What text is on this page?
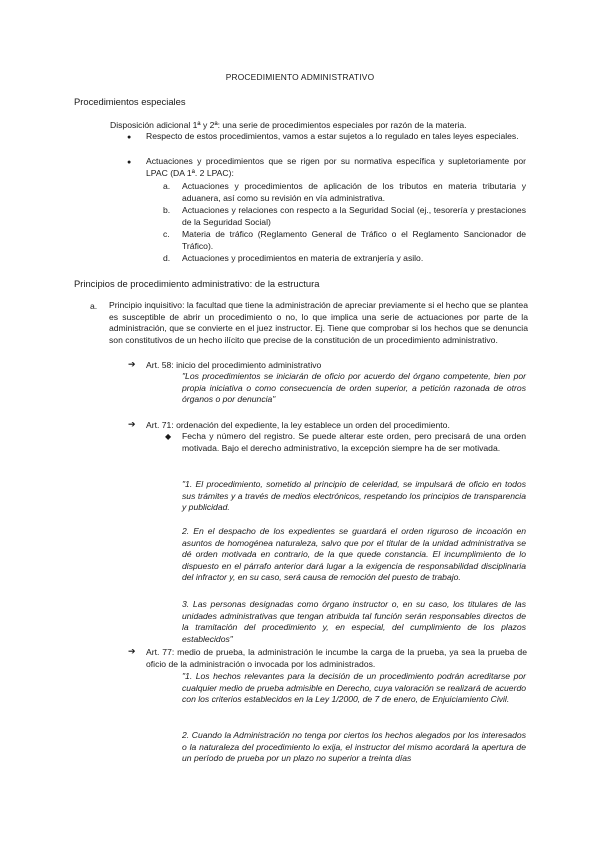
PROCEDIMIENTO ADMINISTRATIVO
Procedimientos especiales
Disposición adicional 1ª y 2ª: una serie de procedimientos especiales por razón de la materia.
● Respecto de estos procedimientos, vamos a estar sujetos a lo regulado en tales leyes especiales.
● Actuaciones y procedimientos que se rigen por su normativa específica y supletoriamente por LPAC (DA 1ª. 2 LPAC):
a. Actuaciones y procedimientos de aplicación de los tributos en materia tributaria y aduanera, así como su revisión en vía administrativa.
b. Actuaciones y relaciones con respecto a la Seguridad Social (ej., tesorería y prestaciones de la Seguridad Social)
c. Materia de tráfico (Reglamento General de Tráfico o el Reglamento Sancionador de Tráfico).
d. Actuaciones y procedimientos en materia de extranjería y asilo.
Principios de procedimiento administrativo: de la estructura
a. Principio inquisitivo: la facultad que tiene la administración de apreciar previamente si el hecho que se plantea es susceptible de abrir un procedimiento o no, lo que implica una serie de actuaciones por parte de la administración, que se convierte en el juez instructor. Ej. Tiene que comprobar si los hechos que se denuncia son constitutivos de un hecho ilícito que precise de la constitución de un procedimiento administrativo.
➔ Art. 58: inicio del procedimiento administrativo
"Los procedimientos se iniciarán de oficio por acuerdo del órgano competente, bien por propia iniciativa o como consecuencia de orden superior, a petición razonada de otros órganos o por denuncia"
➔ Art. 71: ordenación del expediente, la ley establece un orden del procedimiento.
◆ Fecha y número del registro. Se puede alterar este orden, pero precisará de una orden motivada. Bajo el derecho administrativo, la excepción siempre ha de ser motivada.
"1. El procedimiento, sometido al principio de celeridad, se impulsará de oficio en todos sus trámites y a través de medios electrónicos, respetando los principios de transparencia y publicidad.
2. En el despacho de los expedientes se guardará el orden riguroso de incoación en asuntos de homogénea naturaleza, salvo que por el titular de la unidad administrativa se dé orden motivada en contrario, de la que quede constancia. El incumplimiento de lo dispuesto en el párrafo anterior dará lugar a la exigencia de responsabilidad disciplinaria del infractor y, en su caso, será causa de remoción del puesto de trabajo.
3. Las personas designadas como órgano instructor o, en su caso, los titulares de las unidades administrativas que tengan atribuida tal función serán responsables directos de la tramitación del procedimiento y, en especial, del cumplimiento de los plazos establecidos"
➔ Art. 77: medio de prueba, la administración le incumbe la carga de la prueba, ya sea la prueba de oficio de la administración o invocada por los administrados.
"1. Los hechos relevantes para la decisión de un procedimiento podrán acreditarse por cualquier medio de prueba admisible en Derecho, cuya valoración se realizará de acuerdo con los criterios establecidos en la Ley 1/2000, de 7 de enero, de Enjuiciamiento Civil.
2. Cuando la Administración no tenga por ciertos los hechos alegados por los interesados o la naturaleza del procedimiento lo exija, el instructor del mismo acordará la apertura de un período de prueba por un plazo no superior a treinta días
